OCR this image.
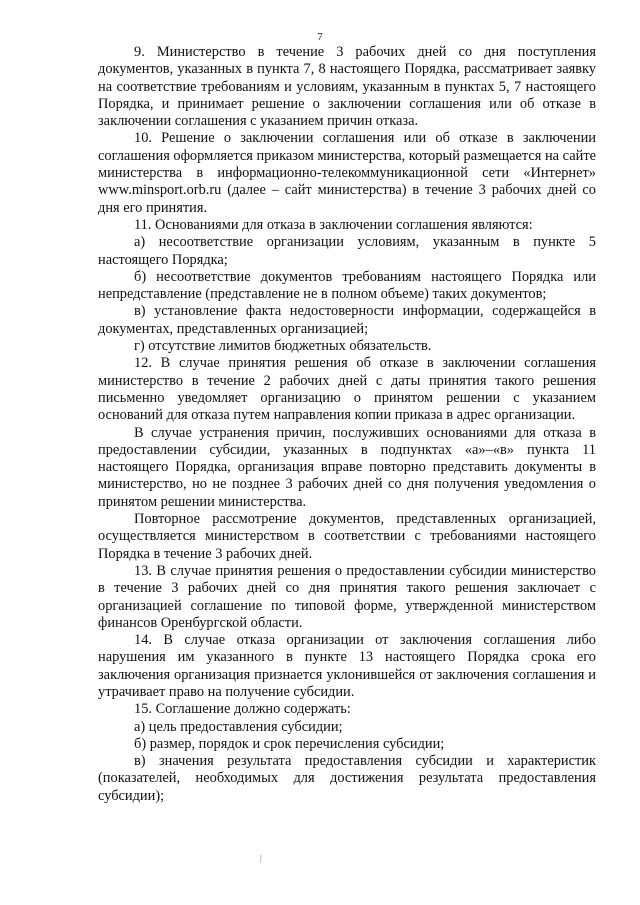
7

9. Министерство в течение 3 рабочих дней со дня поступления документов, указанных в пункта 7, 8 настоящего Порядка, рассматривает заявку на соответствие требованиям и условиям, указанным в пунктах 5, 7 настоящего Порядка, и принимает решение о заключении соглашения или об отказе в заключении соглашения с указанием причин отказа.

10. Решение о заключении соглашения или об отказе в заключении соглашения оформляется приказом министерства, который размещается на сайте министерства в информационно-телекоммуникационной сети «Интернет» www.minsport.orb.ru (далее – сайт министерства) в течение 3 рабочих дней со дня его принятия.

11. Основаниями для отказа в заключении соглашения являются:

а) несоответствие организации условиям, указанным в пункте 5 настоящего Порядка;

б) несоответствие документов требованиям настоящего Порядка или непредставление (представление не в полном объеме) таких документов;

в) установление факта недостоверности информации, содержащейся в документах, представленных организацией;

г) отсутствие лимитов бюджетных обязательств.

12. В случае принятия решения об отказе в заключении соглашения министерство в течение 2 рабочих дней с даты принятия такого решения письменно уведомляет организацию о принятом решении с указанием оснований для отказа путем направления копии приказа в адрес организации.

В случае устранения причин, послуживших основаниями для отказа в предоставлении субсидии, указанных в подпунктах «а»–«в» пункта 11 настоящего Порядка, организация вправе повторно представить документы в министерство, но не позднее 3 рабочих дней со дня получения уведомления о принятом решении министерства.

Повторное рассмотрение документов, представленных организацией, осуществляется министерством в соответствии с требованиями настоящего Порядка в течение 3 рабочих дней.

13. В случае принятия решения о предоставлении субсидии министерство в течение 3 рабочих дней со дня принятия такого решения заключает с организацией соглашение по типовой форме, утвержденной министерством финансов Оренбургской области.

14. В случае отказа организации от заключения соглашения либо нарушения им указанного в пункте 13 настоящего Порядка срока его заключения организация признается уклонившейся от заключения соглашения и утрачивает право на получение субсидии.

15. Соглашение должно содержать:

а) цель предоставления субсидии;

б) размер, порядок и срок перечисления субсидии;

в) значения результата предоставления субсидии и характеристик (показателей, необходимых для достижения результата предоставления субсидии);

|
